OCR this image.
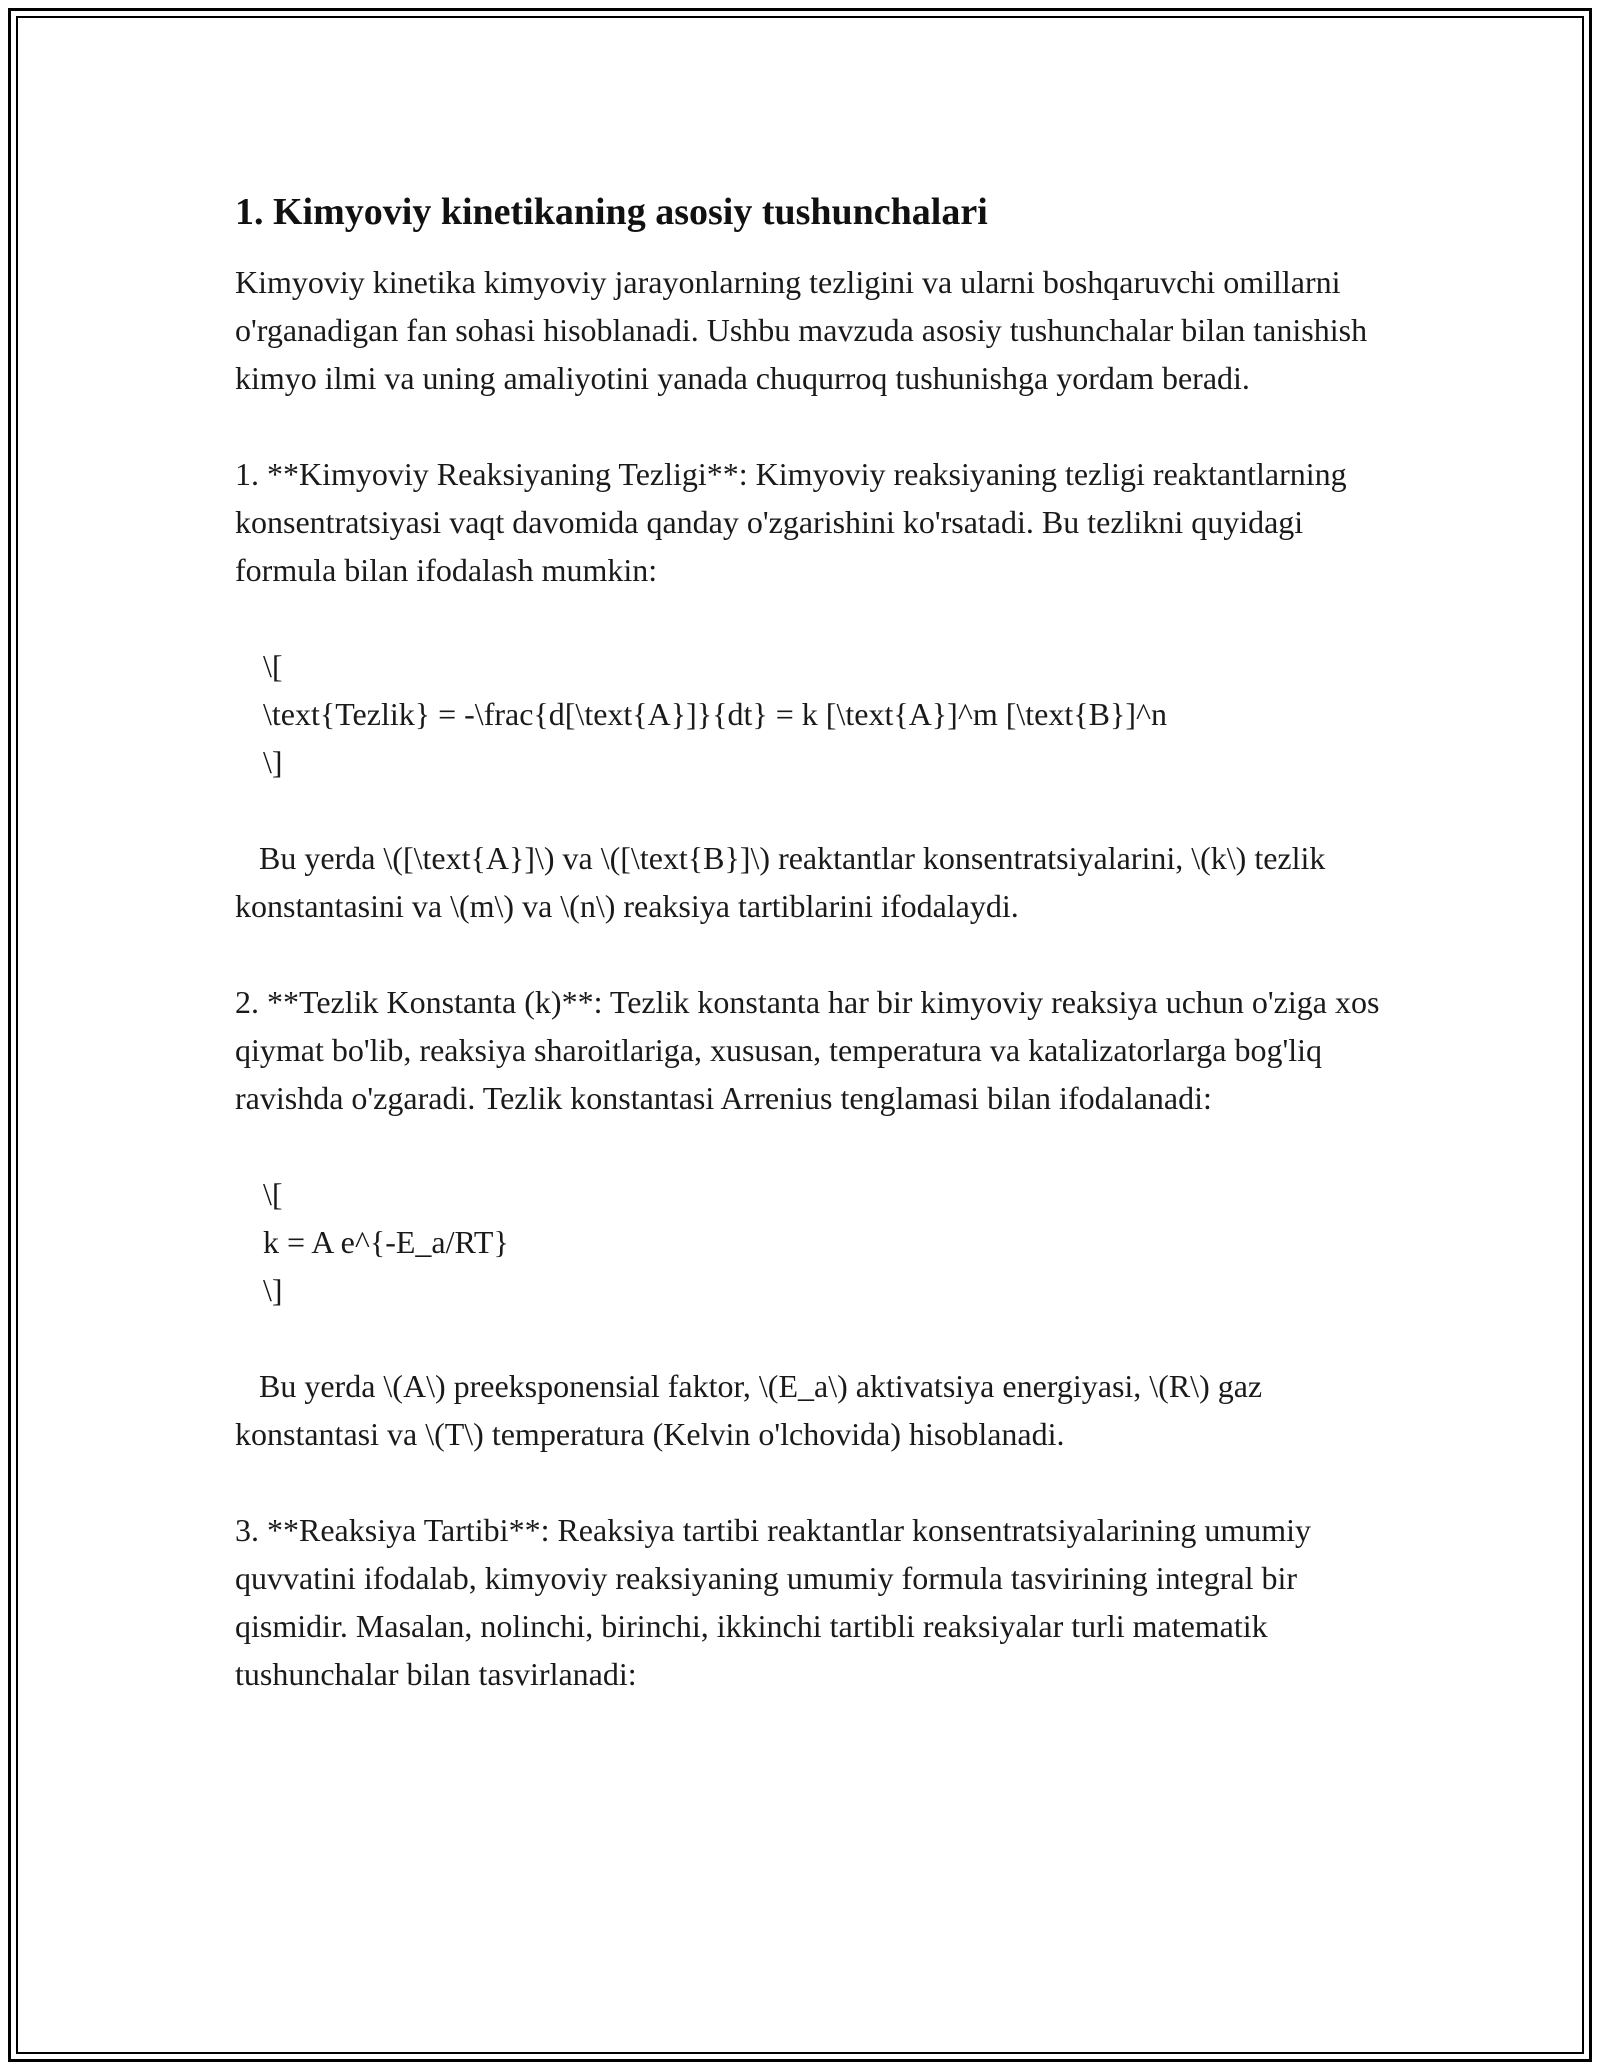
1. Kimyoviy kinetikaning asosiy tushunchalari

Kimyoviy kinetika kimyoviy jarayonlarning tezligini va ularni boshqaruvchi omillarni o'rganadigan fan sohasi hisoblanadi. Ushbu mavzuda asosiy tushunchalar bilan tanishish kimyo ilmi va uning amaliyotini yanada chuqurroq tushunishga yordam beradi.

1. **Kimyoviy Reaksiyaning Tezligi**: Kimyoviy reaksiyaning tezligi reaktantlarning konsentratsiyasi vaqt davomida qanday o'zgarishini ko'rsatadi. Bu tezlikni quyidagi formula bilan ifodalash mumkin:

\[

\text{Tezlik} = -\frac{d[\text{A}]}{dt} = k [\text{A}]^m [\text{B}]^n

\]

Bu yerda \([\text{A}]\) va \([\text{B}]\) reaktantlar konsentratsiyalarini, \(k\) tezlik konstantasini va \(m\) va \(n\) reaksiya tartiblarini ifodalaydi.

2. **Tezlik Konstanta (k)**: Tezlik konstanta har bir kimyoviy reaksiya uchun o'ziga xos qiymat bo'lib, reaksiya sharoitlariga, xususan, temperatura va katalizatorlarga bog'liq ravishda o'zgaradi. Tezlik konstantasi Arrenius tenglamasi bilan ifodalanadi:

\[

k = A e^{-E_a/RT}

\]

Bu yerda \(A\) preeksponensial faktor, \(E_a\) aktivatsiya energiyasi, \(R\) gaz konstantasi va \(T\) temperatura (Kelvin o'lchovida) hisoblanadi.

3. **Reaksiya Tartibi**: Reaksiya tartibi reaktantlar konsentratsiyalarining umumiy quvvatini ifodalab, kimyoviy reaksiyaning umumiy formula tasvirining integral bir qismidir. Masalan, nolinchi, birinchi, ikkinchi tartibli reaksiyalar turli matematik tushunchalar bilan tasvirlanadi:
